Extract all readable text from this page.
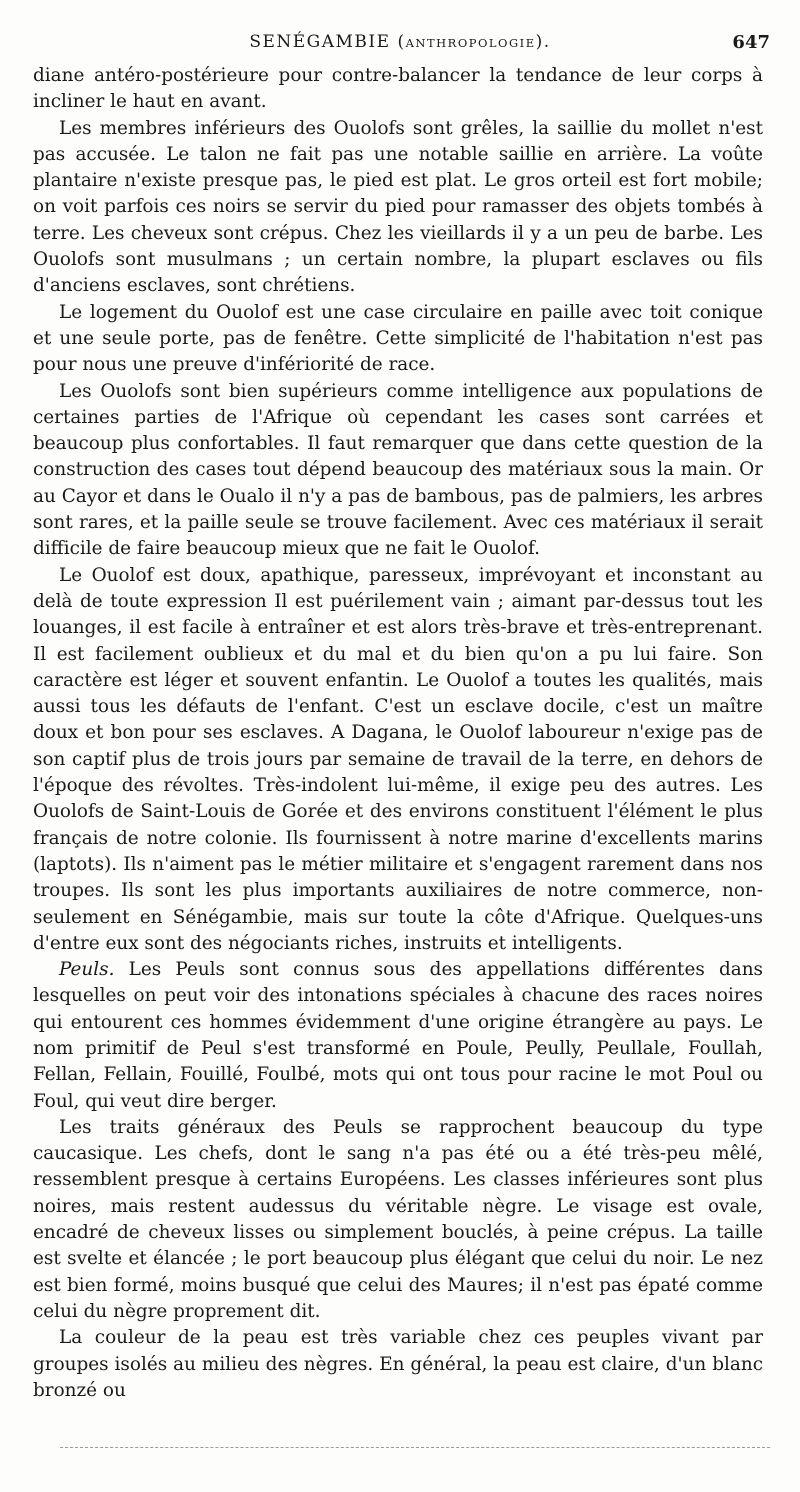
SENÉGAMBIE (ANTHROPOLOGIE).	647

diane antéro-postérieure pour contre-balancer la tendance de leur corps à incliner le haut en avant.

Les membres inférieurs des Ouolofs sont grêles, la saillie du mollet n'est pas accusée. Le talon ne fait pas une notable saillie en arrière. La voûte plantaire n'existe presque pas, le pied est plat. Le gros orteil est fort mobile; on voit parfois ces noirs se servir du pied pour ramasser des objets tombés à terre. Les cheveux sont crépus. Chez les vieillards il y a un peu de barbe. Les Ouolofs sont musulmans ; un certain nombre, la plupart esclaves ou fils d'anciens esclaves, sont chrétiens.

Le logement du Ouolof est une case circulaire en paille avec toit conique et une seule porte, pas de fenêtre. Cette simplicité de l'habitation n'est pas pour nous une preuve d'infériorité de race.

Les Ouolofs sont bien supérieurs comme intelligence aux populations de certaines parties de l'Afrique où cependant les cases sont carrées et beaucoup plus confortables. Il faut remarquer que dans cette question de la construction des cases tout dépend beaucoup des matériaux sous la main. Or au Cayor et dans le Oualo il n'y a pas de bambous, pas de palmiers, les arbres sont rares, et la paille seule se trouve facilement. Avec ces matériaux il serait difficile de faire beaucoup mieux que ne fait le Ouolof.

Le Ouolof est doux, apathique, paresseux, imprévoyant et inconstant au delà de toute expression Il est puérilement vain ; aimant par-dessus tout les louanges, il est facile à entraîner et est alors très-brave et très-entreprenant. Il est facilement oublieux et du mal et du bien qu'on a pu lui faire. Son caractère est léger et souvent enfantin. Le Ouolof a toutes les qualités, mais aussi tous les défauts de l'enfant. C'est un esclave docile, c'est un maître doux et bon pour ses esclaves. A Dagana, le Ouolof laboureur n'exige pas de son captif plus de trois jours par semaine de travail de la terre, en dehors de l'époque des révoltes. Très-indolent lui-même, il exige peu des autres. Les Ouolofs de Saint-Louis de Gorée et des environs constituent l'élément le plus français de notre colonie. Ils fournissent à notre marine d'excellents marins (laptots). Ils n'aiment pas le métier militaire et s'engagent rarement dans nos troupes. Ils sont les plus importants auxiliaires de notre commerce, non-seulement en Sénégambie, mais sur toute la côte d'Afrique. Quelques-uns d'entre eux sont des négociants riches, instruits et intelligents.

Peuls. Les Peuls sont connus sous des appellations différentes dans lesquelles on peut voir des intonations spéciales à chacune des races noires qui entourent ces hommes évidemment d'une origine étrangère au pays. Le nom primitif de Peul s'est transformé en Poule, Peully, Peullale, Foullah, Fellan, Fellain, Fouillé, Foulbé, mots qui ont tous pour racine le mot Poul ou Foul, qui veut dire berger.

Les traits généraux des Peuls se rapprochent beaucoup du type caucasique. Les chefs, dont le sang n'a pas été ou a été très-peu mêlé, ressemblent presque à certains Européens. Les classes inférieures sont plus noires, mais restent audessus du véritable nègre. Le visage est ovale, encadré de cheveux lisses ou simplement bouclés, à peine crépus. La taille est svelte et élancée ; le port beaucoup plus élégant que celui du noir. Le nez est bien formé, moins busqué que celui des Maures; il n'est pas épaté comme celui du nègre proprement dit.

La couleur de la peau est très variable chez ces peuples vivant par groupes isolés au milieu des nègres. En général, la peau est claire, d'un blanc bronzé ou
